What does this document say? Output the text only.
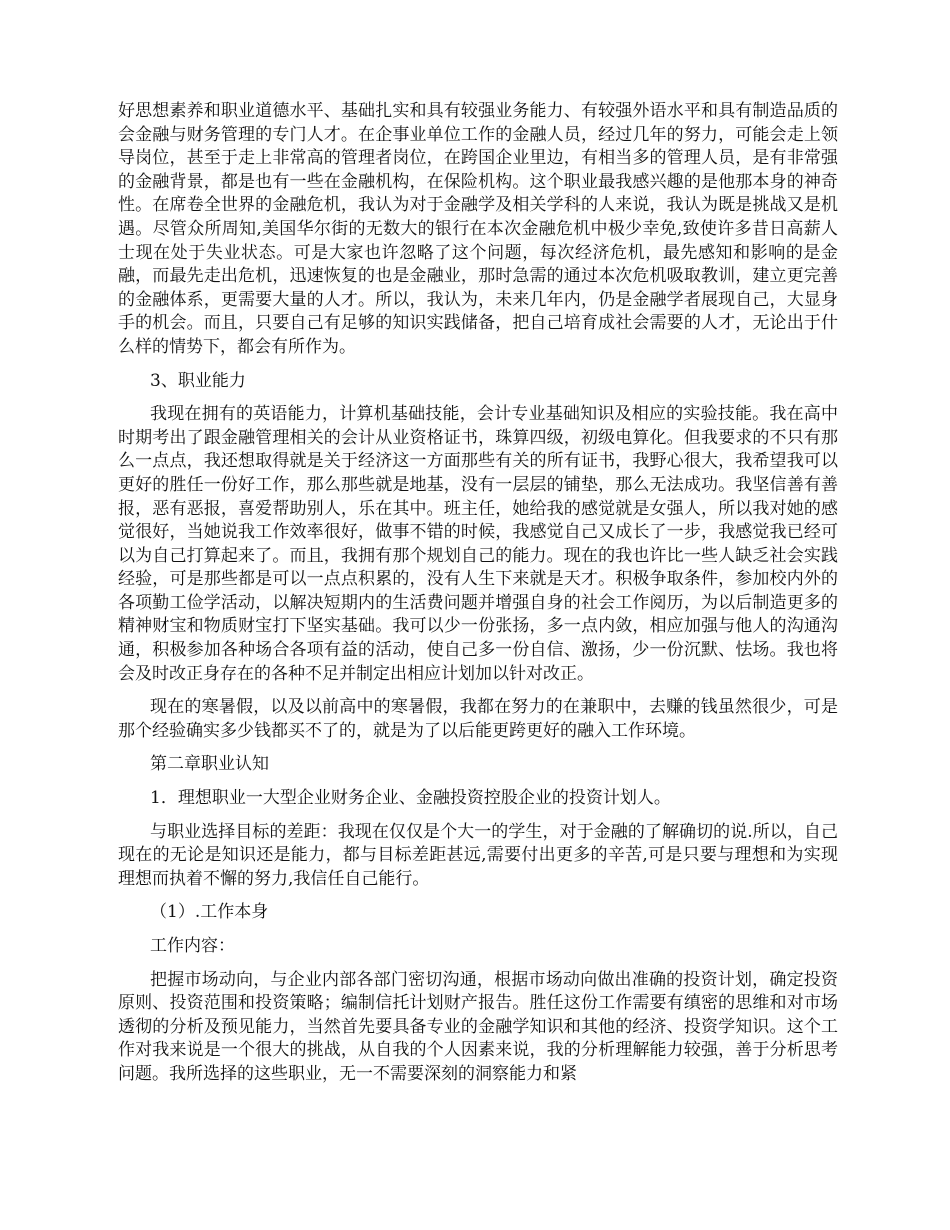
好思想素养和职业道德水平、基础扎实和具有较强业务能力、有较强外语水平和具有制造品质的会金融与财务管理的专门人才。在企事业单位工作的金融人员，经过几年的努力，可能会走上领导岗位，甚至于走上非常高的管理者岗位，在跨国企业里边，有相当多的管理人员，是有非常强的金融背景，都是也有一些在金融机构，在保险机构。这个职业最我感兴趣的是他那本身的神奇性。在席卷全世界的金融危机，我认为对于金融学及相关学科的人来说，我认为既是挑战又是机遇。尽管众所周知,美国华尔街的无数大的银行在本次金融危机中极少幸免,致使许多昔日高薪人士现在处于失业状态。可是大家也许忽略了这个问题，每次经济危机，最先感知和影响的是金融，而最先走出危机，迅速恢复的也是金融业，那时急需的通过本次危机吸取教训，建立更完善的金融体系，更需要大量的人才。所以，我认为，未来几年内，仍是金融学者展现自己，大显身手的机会。而且，只要自己有足够的知识实践储备，把自己培育成社会需要的人才，无论出于什么样的情势下，都会有所作为。

3、职业能力

我现在拥有的英语能力，计算机基础技能，会计专业基础知识及相应的实验技能。我在高中时期考出了跟金融管理相关的会计从业资格证书，珠算四级，初级电算化。但我要求的不只有那么一点点，我还想取得就是关于经济这一方面那些有关的所有证书，我野心很大，我希望我可以更好的胜任一份好工作，那么那些就是地基，没有一层层的铺垫，那么无法成功。我坚信善有善报，恶有恶报，喜爱帮助别人，乐在其中。班主任，她给我的感觉就是女强人，所以我对她的感觉很好，当她说我工作效率很好，做事不错的时候，我感觉自己又成长了一步，我感觉我已经可以为自己打算起来了。而且，我拥有那个规划自己的能力。现在的我也许比一些人缺乏社会实践经验，可是那些都是可以一点点积累的，没有人生下来就是天才。积极争取条件，参加校内外的各项勤工俭学活动，以解决短期内的生活费问题并增强自身的社会工作阅历，为以后制造更多的精神财宝和物质财宝打下坚实基础。我可以少一份张扬，多一点内敛，相应加强与他人的沟通沟通，积极参加各种场合各项有益的活动，使自己多一份自信、激扬，少一份沉默、怯场。我也将会及时改正身存在的各种不足并制定出相应计划加以针对改正。

现在的寒暑假，以及以前高中的寒暑假，我都在努力的在兼职中，去赚的钱虽然很少，可是那个经验确实多少钱都买不了的，就是为了以后能更跨更好的融入工作环境。

第二章职业认知

1．理想职业一大型企业财务企业、金融投资控股企业的投资计划人。

与职业选择目标的差距：我现在仅仅是个大一的学生，对于金融的了解确切的说.所以，自己现在的无论是知识还是能力，都与目标差距甚远,需要付出更多的辛苦,可是只要与理想和为实现理想而执着不懈的努力,我信任自己能行。

（1）.工作本身

工作内容：

把握市场动向，与企业内部各部门密切沟通，根据市场动向做出准确的投资计划，确定投资原则、投资范围和投资策略；编制信托计划财产报告。胜任这份工作需要有缜密的思维和对市场透彻的分析及预见能力，当然首先要具备专业的金融学知识和其他的经济、投资学知识。这个工作对我来说是一个很大的挑战，从自我的个人因素来说，我的分析理解能力较强，善于分析思考问题。我所选择的这些职业，无一不需要深刻的洞察能力和紧
